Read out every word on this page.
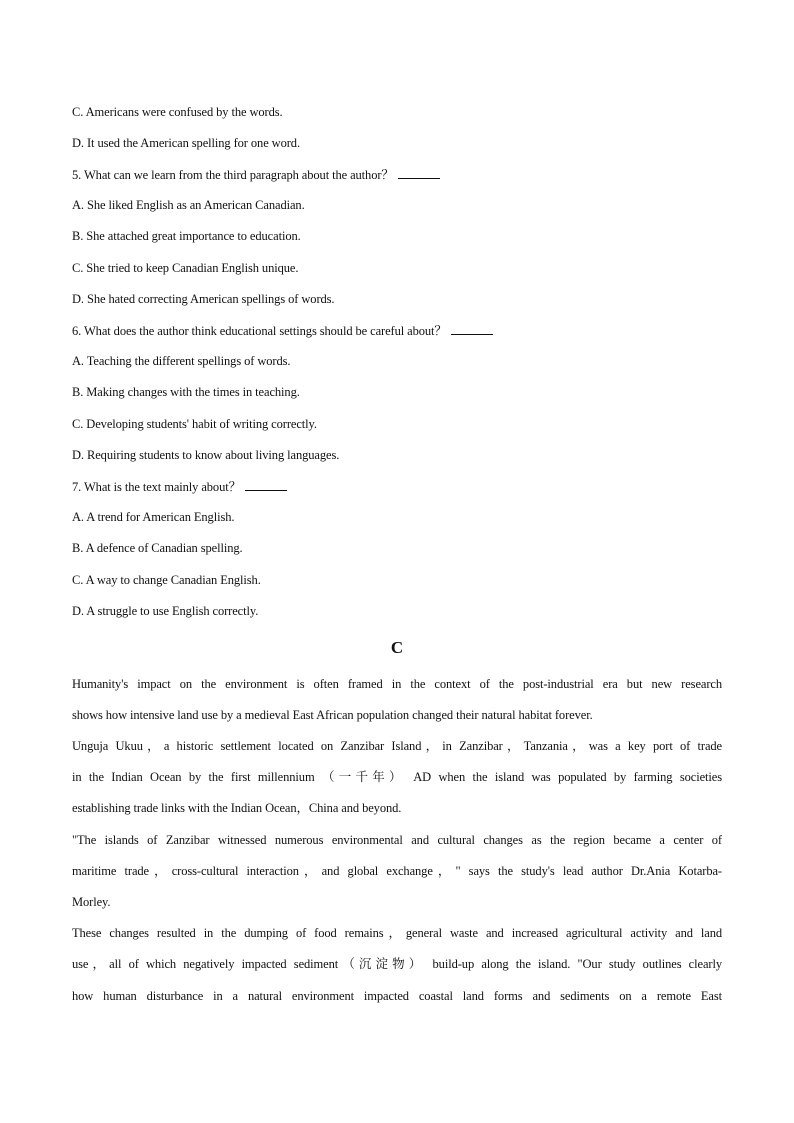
C. Americans were confused by the words.
D. It used the American spelling for one word.
5. What can we learn from the third paragraph about the author？
A. She liked English as an American Canadian.
B. She attached great importance to education.
C. She tried to keep Canadian English unique.
D. She hated correcting American spellings of words.
6. What does the author think educational settings should be careful about？
A. Teaching the different spellings of words.
B. Making changes with the times in teaching.
C. Developing students' habit of writing correctly.
D. Requiring students to know about living languages.
7. What is the text mainly about？
A. A trend for American English.
B. A defence of Canadian spelling.
C. A way to change Canadian English.
D. A struggle to use English correctly.
C
Humanity's impact on the environment is often framed in the context of the post-industrial era but new research
shows how intensive land use by a medieval East African population changed their natural habitat forever.
Unguja Ukuu，a historic settlement located on Zanzibar Island，in Zanzibar，Tanzania，was a key port of trade
in the Indian Ocean by the first millennium （一千年） AD when the island was populated by farming societies
establishing trade links with the Indian Ocean，China and beyond.
"The islands of Zanzibar witnessed numerous environmental and cultural changes as the region became a center of
maritime trade，cross-cultural interaction，and global exchange，" says the study's lead author Dr.Ania Kotarba-
Morley.
These changes resulted in the dumping of food remains，general waste and increased agricultural activity and land
use，all of which negatively impacted sediment（沉淀物） build-up along the island. "Our study outlines clearly
how human disturbance in a natural environment impacted coastal land forms and sediments on a remote East
